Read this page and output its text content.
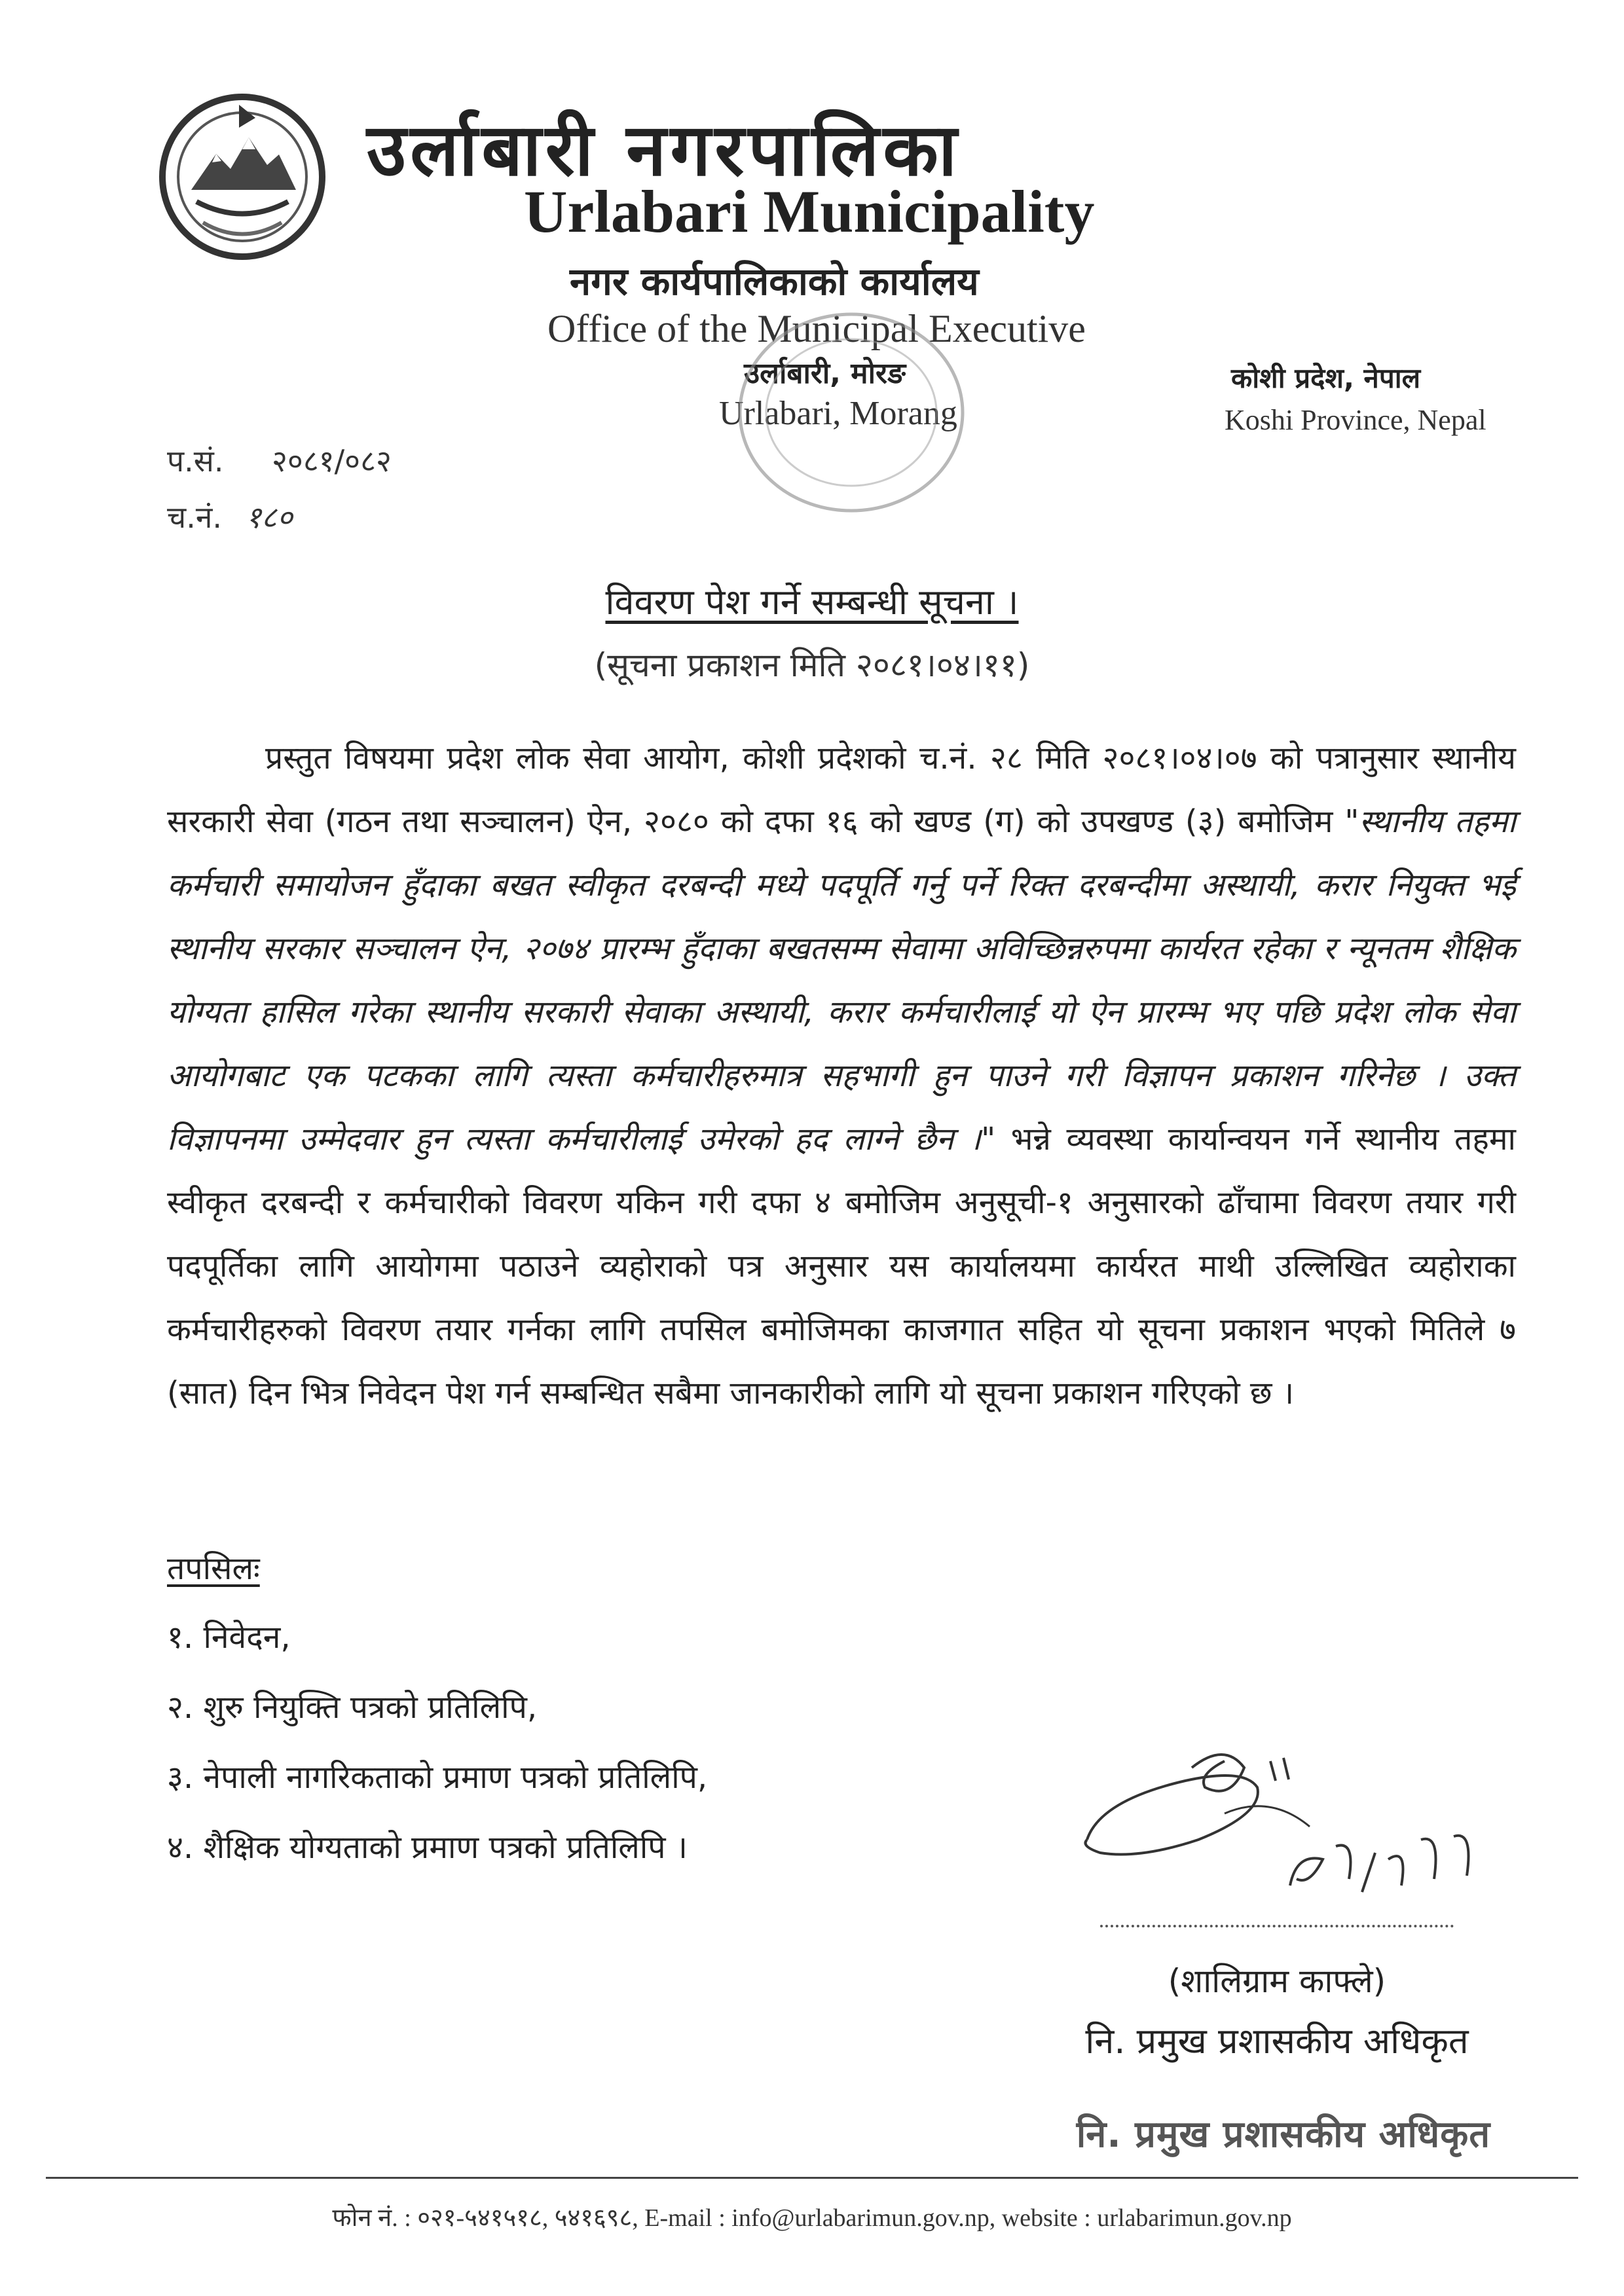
उर्लाबारी नगरपालिका
Urlabari Municipality
नगर कार्यपालिकाको कार्यालय
Office of the Municipal Executive
उर्लाबारी, मोरङ
Urlabari, Morang
कोशी प्रदेश, नेपाल
Koshi Province, Nepal
प.सं. २०८१/०८२
च.नं. १८०
विवरण पेश गर्ने सम्बन्धी सूचना ।
(सूचना प्रकाशन मिति २०८१।०४।११)

प्रस्तुत विषयमा प्रदेश लोक सेवा आयोग, कोशी प्रदेशको च.नं. २८ मिति २०८१।०४।०७ को पत्रानुसार स्थानीय सरकारी सेवा (गठन तथा सञ्चालन) ऐन, २०८० को दफा १६ को खण्ड (ग) को उपखण्ड (३) बमोजिम "स्थानीय तहमा कर्मचारी समायोजन हुँदाका बखत स्वीकृत दरबन्दी मध्ये पदपूर्ति गर्नु पर्ने रिक्त दरबन्दीमा अस्थायी, करार नियुक्त भई स्थानीय सरकार सञ्चालन ऐन, २०७४ प्रारम्भ हुँदाका बखतसम्म सेवामा अविच्छिन्नरुपमा कार्यरत रहेका र न्यूनतम शैक्षिक योग्यता हासिल गरेका स्थानीय सरकारी सेवाका अस्थायी, करार कर्मचारीलाई यो ऐन प्रारम्भ भए पछि प्रदेश लोक सेवा आयोगबाट एक पटकका लागि त्यस्ता कर्मचारीहरुमात्र सहभागी हुन पाउने गरी विज्ञापन प्रकाशन गरिनेछ । उक्त विज्ञापनमा उम्मेदवार हुन त्यस्ता कर्मचारीलाई उमेरको हद लाग्ने छैन ।" भन्ने व्यवस्था कार्यान्वयन गर्ने स्थानीय तहमा स्वीकृत दरबन्दी र कर्मचारीको विवरण यकिन गरी दफा ४ बमोजिम अनुसूची-१ अनुसारको ढाँचामा विवरण तयार गरी पदपूर्तिका लागि आयोगमा पठाउने व्यहोराको पत्र अनुसार यस कार्यालयमा कार्यरत माथी उल्लिखित व्यहोराका कर्मचारीहरुको विवरण तयार गर्नका लागि तपसिल बमोजिमका काजगात सहित यो सूचना प्रकाशन भएको मितिले ७ (सात) दिन भित्र निवेदन पेश गर्न सम्बन्धित सबैमा जानकारीको लागि यो सूचना प्रकाशन गरिएको छ ।

तपसिलः
१. निवेदन,
२. शुरु नियुक्ति पत्रको प्रतिलिपि,
३. नेपाली नागरिकताको प्रमाण पत्रको प्रतिलिपि,
४. शैक्षिक योग्यताको प्रमाण पत्रको प्रतिलिपि ।
(शालिग्राम काफ्ले)
नि. प्रमुख प्रशासकीय अधिकृत
नि. प्रमुख प्रशासकीय अधिकृत
फोन नं. : ०२१-५४१५१८, ५४१६९८, E-mail : info@urlabarimun.gov.np, website : urlabarimun.gov.np
